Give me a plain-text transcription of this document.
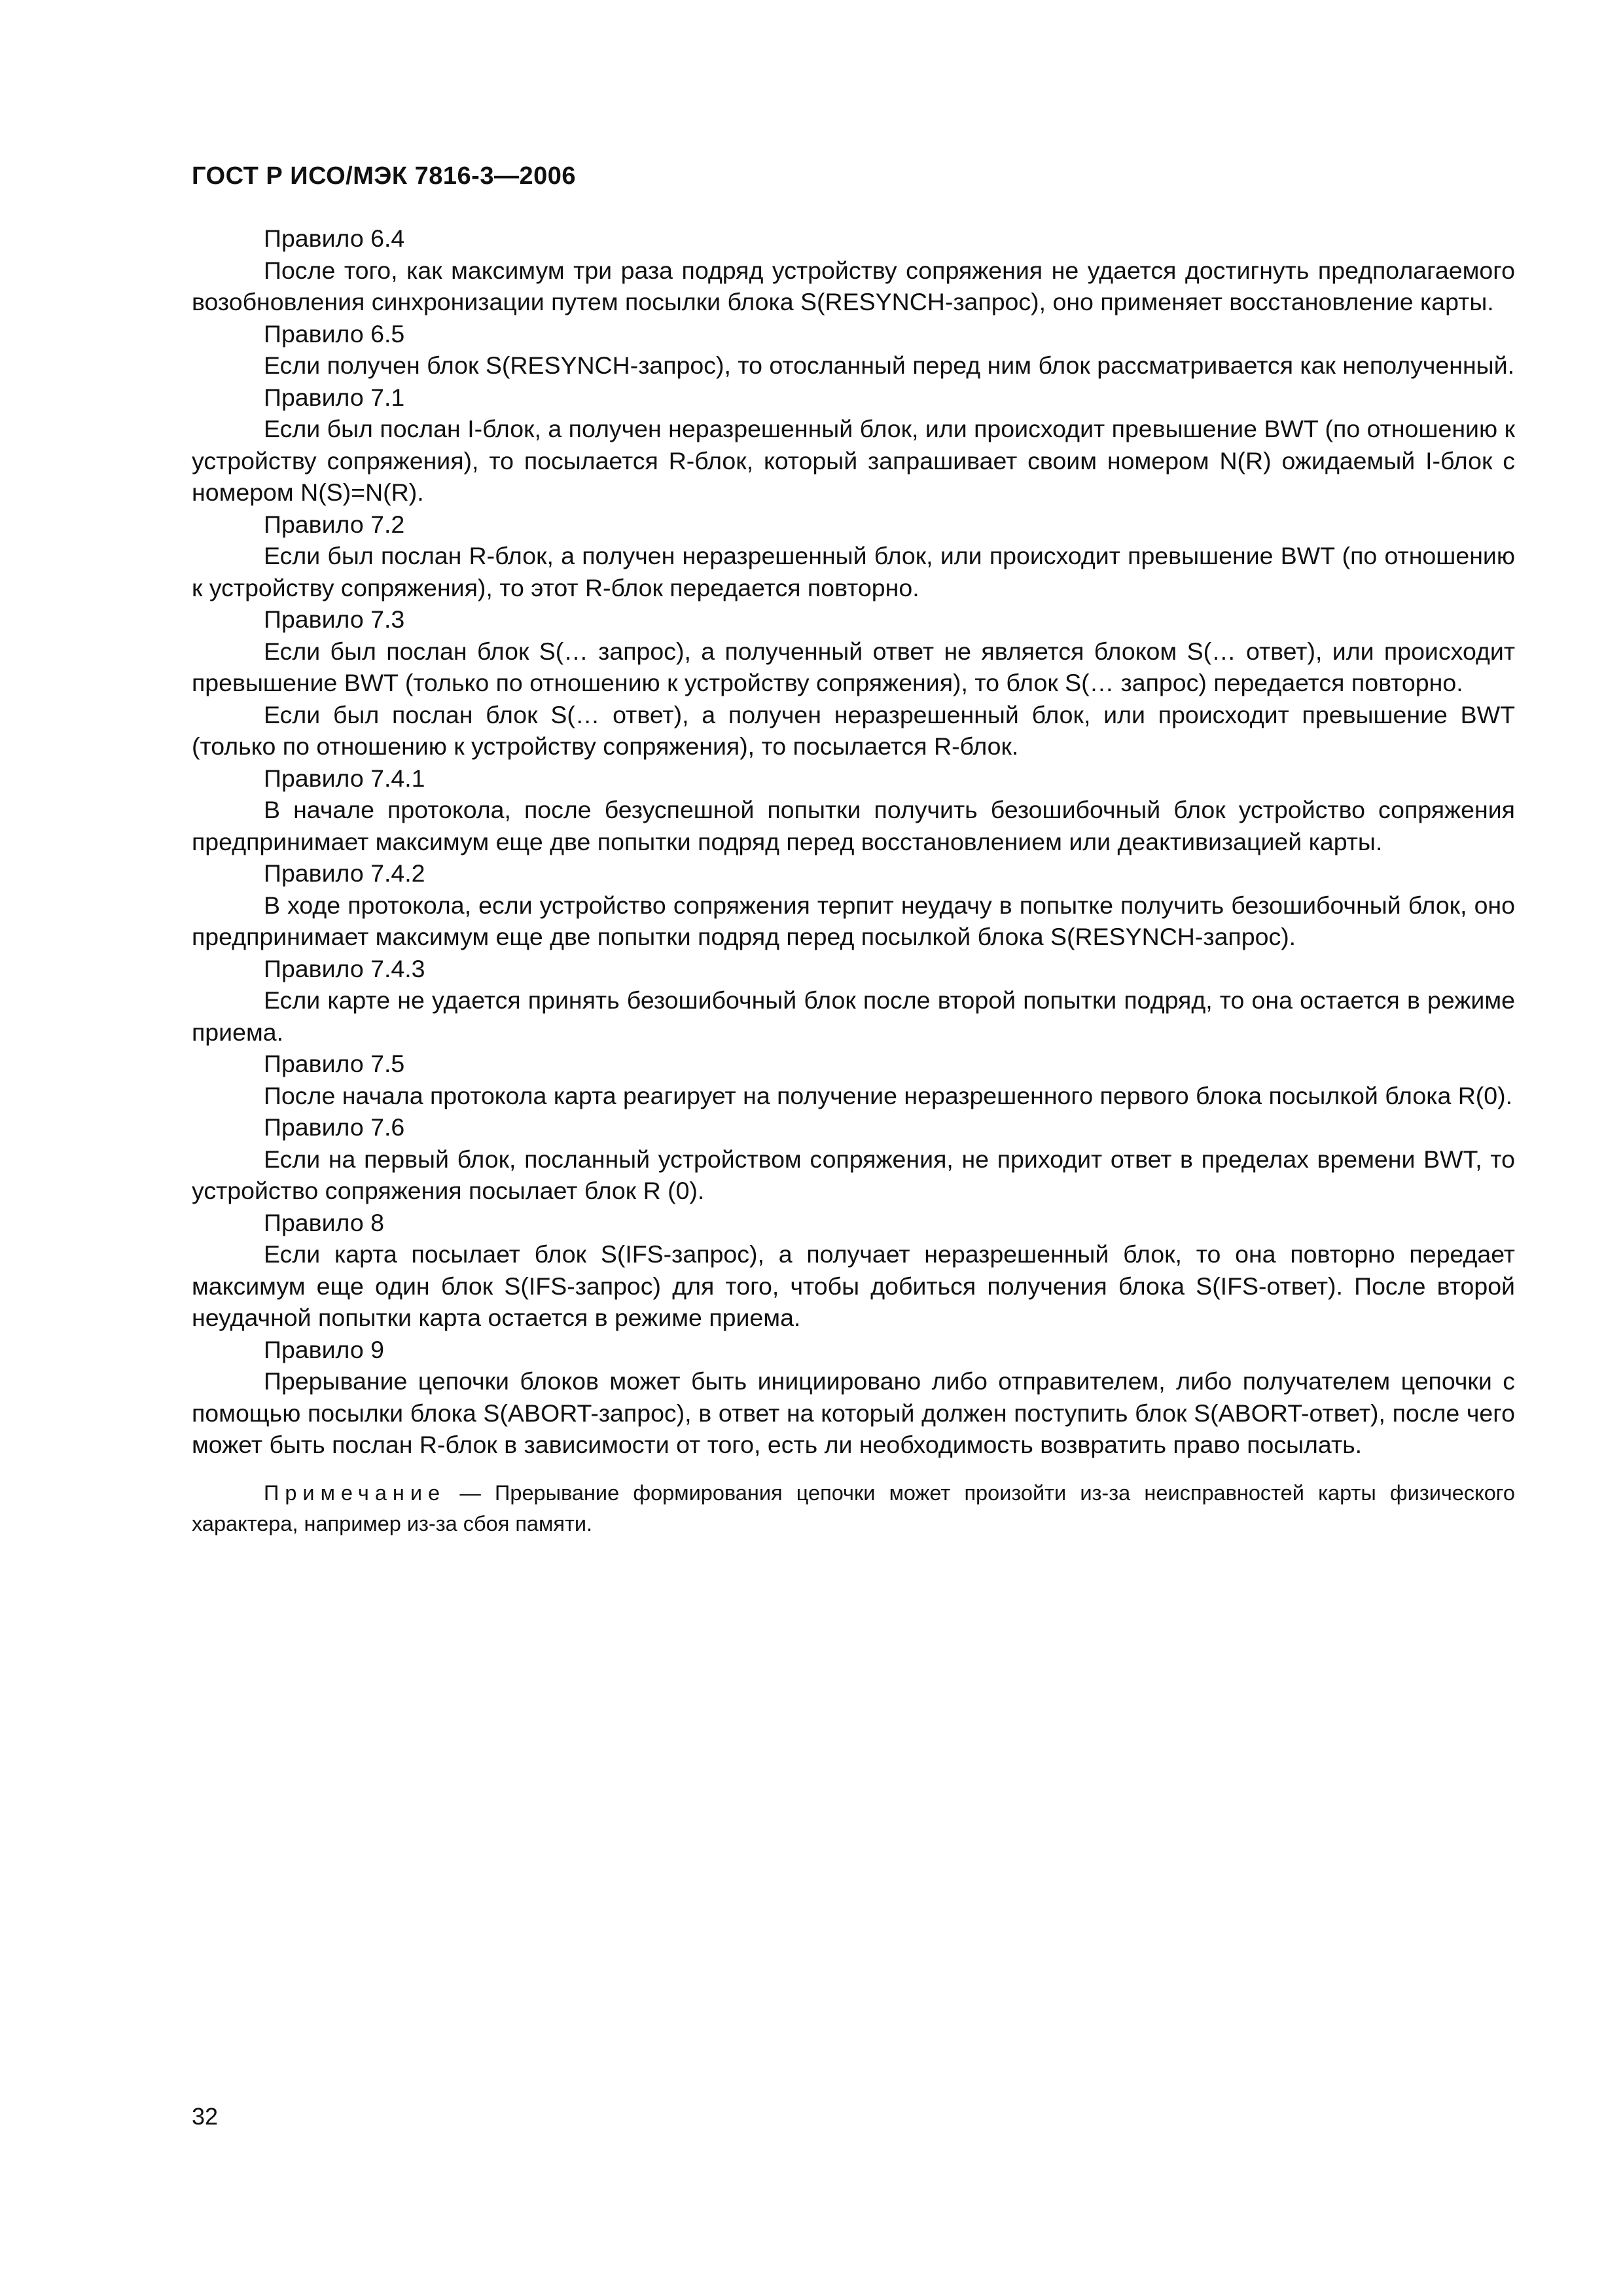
ГОСТ Р ИСО/МЭК 7816-3—2006

Правило 6.4

После того, как максимум три раза подряд устройству сопряжения не удается достигнуть предполагаемого возобновления синхронизации путем посылки блока S(RESYNCH-запрос), оно применяет восстановление карты.

Правило 6.5

Если получен блок S(RESYNCH-запрос), то отосланный перед ним блок рассматривается как неполученный.

Правило 7.1

Если был послан I-блок, а получен неразрешенный блок, или происходит превышение BWT (по отношению к устройству сопряжения), то посылается R-блок, который запрашивает своим номером N(R) ожидаемый I-блок с номером N(S)=N(R).

Правило 7.2

Если был послан R-блок, а получен неразрешенный блок, или происходит превышение BWT (по отношению к устройству сопряжения), то этот R-блок передается повторно.

Правило 7.3

Если был послан блок S(… запрос), а полученный ответ не является блоком S(… ответ), или происходит превышение BWT (только по отношению к устройству сопряжения), то блок S(… запрос) передается повторно.

Если был послан блок S(… ответ), а получен неразрешенный блок, или происходит превышение BWT (только по отношению к устройству сопряжения), то посылается R-блок.

Правило 7.4.1

В начале протокола, после безуспешной попытки получить безошибочный блок устройство сопряжения предпринимает максимум еще две попытки подряд перед восстановлением или деактивизацией карты.

Правило 7.4.2

В ходе протокола, если устройство сопряжения терпит неудачу в попытке получить безошибочный блок, оно предпринимает максимум еще две попытки подряд перед посылкой блока S(RESYNCH-запрос).

Правило 7.4.3

Если карте не удается принять безошибочный блок после второй попытки подряд, то она остается в режиме приема.

Правило 7.5

После начала протокола карта реагирует на получение неразрешенного первого блока посылкой блока R(0).

Правило 7.6

Если на первый блок, посланный устройством сопряжения, не приходит ответ в пределах времени BWT, то устройство сопряжения посылает блок R (0).

Правило 8

Если карта посылает блок S(IFS-запрос), а получает неразрешенный блок, то она повторно передает максимум еще один блок S(IFS-запрос) для того, чтобы добиться получения блока S(IFS-ответ). После второй неудачной попытки карта остается в режиме приема.

Правило 9

Прерывание цепочки блоков может быть инициировано либо отправителем, либо получателем цепочки с помощью посылки блока S(ABORT-запрос), в ответ на который должен поступить блок S(ABORT-ответ), после чего может быть послан R-блок в зависимости от того, есть ли необходимость возвратить право посылать.

Примечание — Прерывание формирования цепочки может произойти из-за неисправностей карты физического характера, например из-за сбоя памяти.

32
